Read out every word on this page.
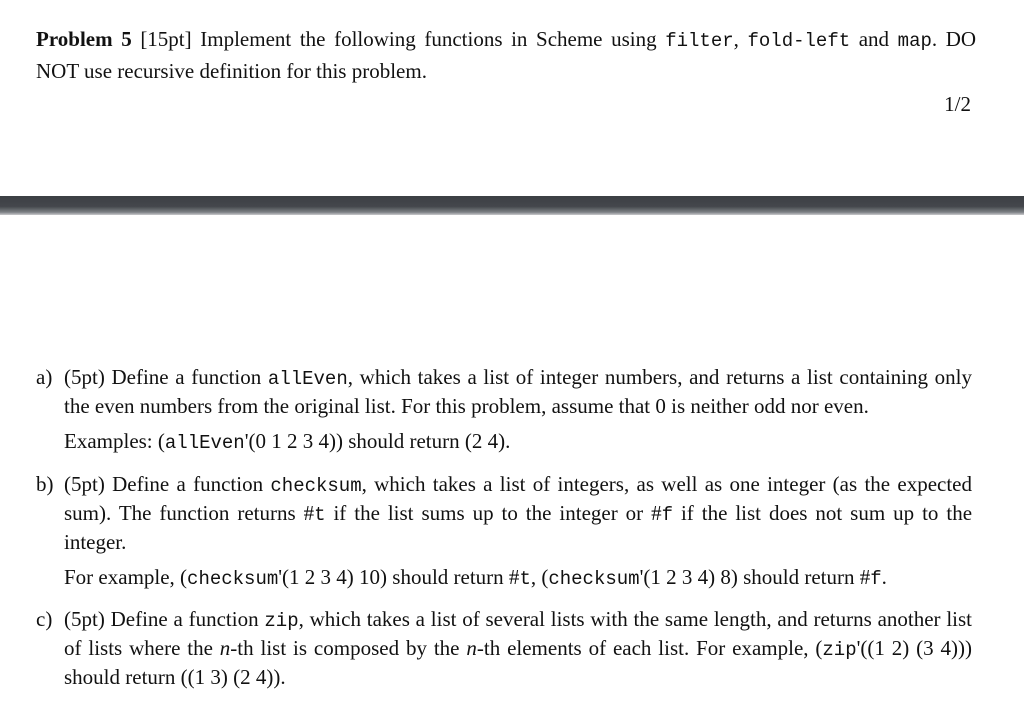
Problem 5 [15pt] Implement the following functions in Scheme using filter, fold-left and map. DO NOT use recursive definition for this problem.
1/2
a) (5pt) Define a function allEven, which takes a list of integer numbers, and returns a list containing only the even numbers from the original list. For this problem, assume that 0 is neither odd nor even.
Examples: (allEven'(0 1 2 3 4)) should return (2 4).
b) (5pt) Define a function checksum, which takes a list of integers, as well as one integer (as the expected sum). The function returns #t if the list sums up to the integer or #f if the list does not sum up to the integer.
For example, (checksum'(1 2 3 4) 10) should return #t, (checksum'(1 2 3 4) 8) should return #f.
c) (5pt) Define a function zip, which takes a list of several lists with the same length, and returns another list of lists where the n-th list is composed by the n-th elements of each list. For example, (zip'((1 2) (3 4))) should return ((1 3) (2 4)).
